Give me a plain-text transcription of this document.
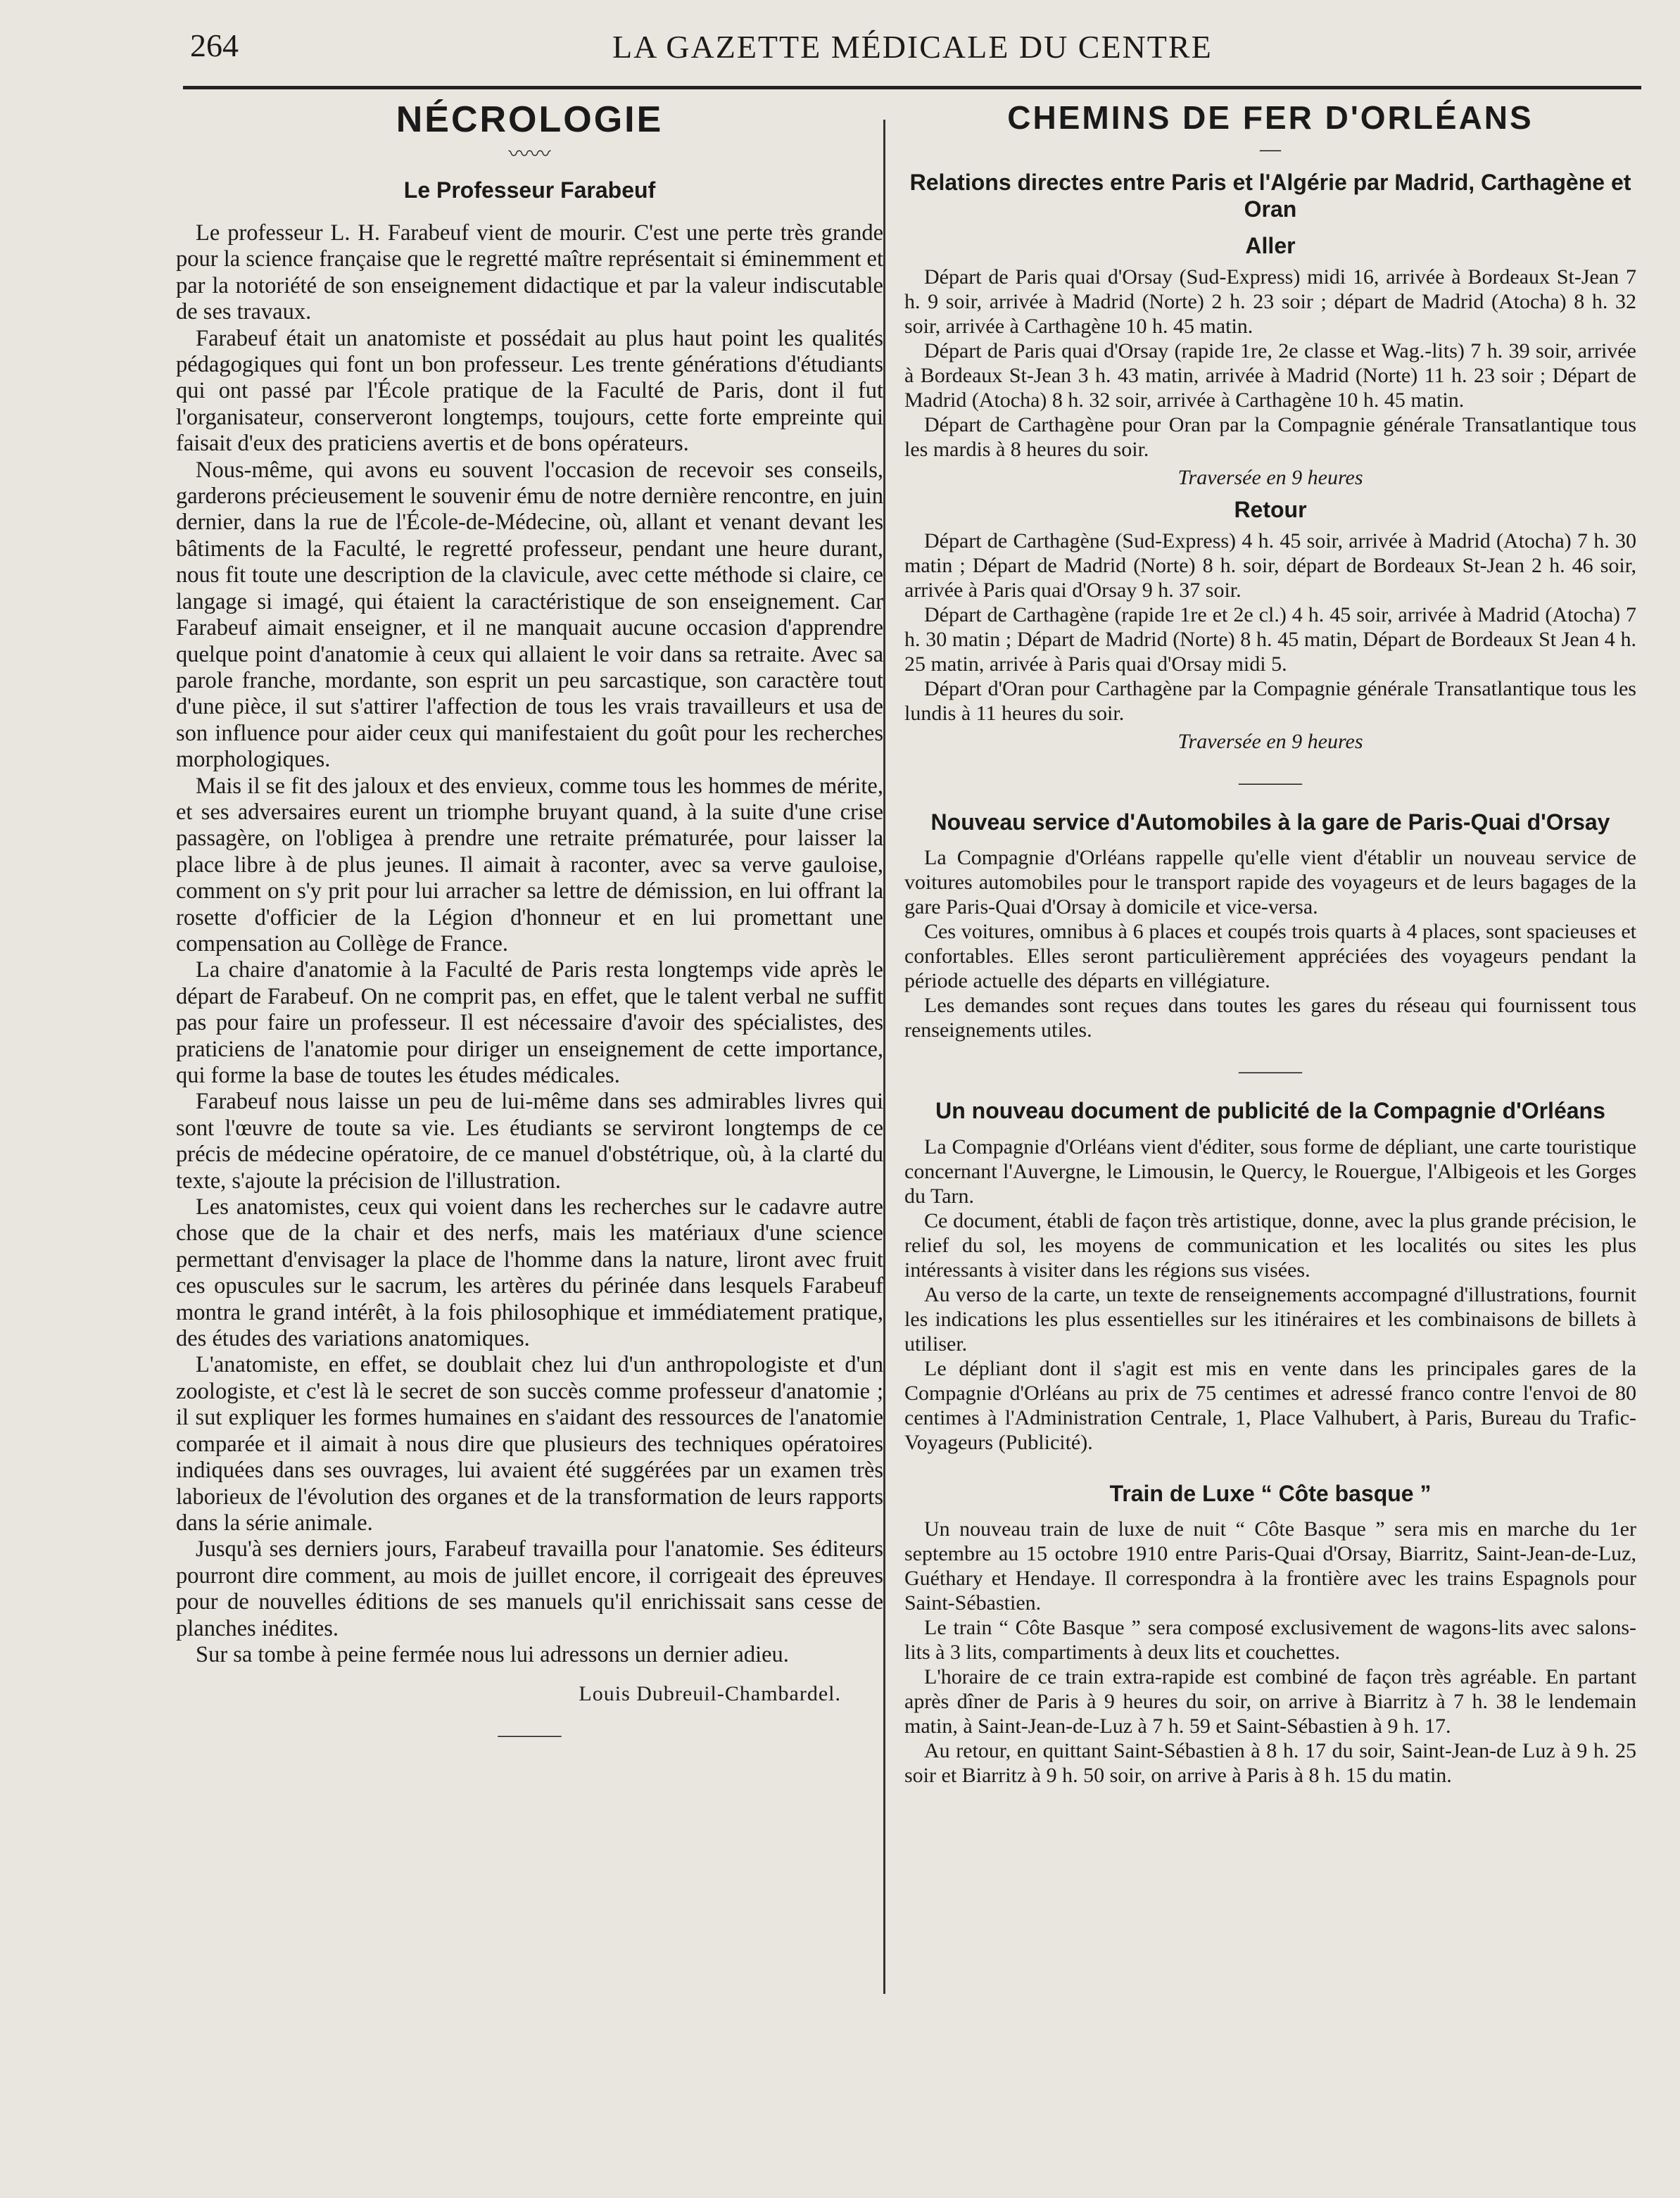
264	LA GAZETTE MÉDICALE DU CENTRE
NÉCROLOGIE
〰〰
Le Professeur Farabeuf

Le professeur L. H. Farabeuf vient de mourir. C'est une perte très grande pour la science française que le regretté maître représentait si éminemment et par la notoriété de son enseignement didactique et par la valeur indiscutable de ses travaux.

Farabeuf était un anatomiste et possédait au plus haut point les qualités pédagogiques qui font un bon professeur. Les trente générations d'étudiants qui ont passé par l'École pratique de la Faculté de Paris, dont il fut l'organisateur, conserveront longtemps, toujours, cette forte empreinte qui faisait d'eux des praticiens avertis et de bons opérateurs.

Nous-même, qui avons eu souvent l'occasion de recevoir ses conseils, garderons précieusement le souvenir ému de notre dernière rencontre, en juin dernier, dans la rue de l'École-de-Médecine, où, allant et venant devant les bâtiments de la Faculté, le regretté professeur, pendant une heure durant, nous fit toute une description de la clavicule, avec cette méthode si claire, ce langage si imagé, qui étaient la caractéristique de son enseignement. Car Farabeuf aimait enseigner, et il ne manquait aucune occasion d'apprendre quelque point d'anatomie à ceux qui allaient le voir dans sa retraite. Avec sa parole franche, mordante, son esprit un peu sarcastique, son caractère tout d'une pièce, il sut s'attirer l'affection de tous les vrais travailleurs et usa de son influence pour aider ceux qui manifestaient du goût pour les recherches morphologiques.

Mais il se fit des jaloux et des envieux, comme tous les hommes de mérite, et ses adversaires eurent un triomphe bruyant quand, à la suite d'une crise passagère, on l'obligea à prendre une retraite prématurée, pour laisser la place libre à de plus jeunes. Il aimait à raconter, avec sa verve gauloise, comment on s'y prit pour lui arracher sa lettre de démission, en lui offrant la rosette d'officier de la Légion d'honneur et en lui promettant une compensation au Collège de France.

La chaire d'anatomie à la Faculté de Paris resta longtemps vide après le départ de Farabeuf. On ne comprit pas, en effet, que le talent verbal ne suffit pas pour faire un professeur. Il est nécessaire d'avoir des spécialistes, des praticiens de l'anatomie pour diriger un enseignement de cette importance, qui forme la base de toutes les études médicales.

Farabeuf nous laisse un peu de lui-même dans ses admirables livres qui sont l'œuvre de toute sa vie. Les étudiants se serviront longtemps de ce précis de médecine opératoire, de ce manuel d'obstétrique, où, à la clarté du texte, s'ajoute la précision de l'illustration.

Les anatomistes, ceux qui voient dans les recherches sur le cadavre autre chose que de la chair et des nerfs, mais les matériaux d'une science permettant d'envisager la place de l'homme dans la nature, liront avec fruit ces opuscules sur le sacrum, les artères du périnée dans lesquels Farabeuf montra le grand intérêt, à la fois philosophique et immédiatement pratique, des études des variations anatomiques.

L'anatomiste, en effet, se doublait chez lui d'un anthropologiste et d'un zoologiste, et c'est là le secret de son succès comme professeur d'anatomie ; il sut expliquer les formes humaines en s'aidant des ressources de l'anatomie comparée et il aimait à nous dire que plusieurs des techniques opératoires indiquées dans ses ouvrages, lui avaient été suggérées par un examen très laborieux de l'évolution des organes et de la transformation de leurs rapports dans la série animale.

Jusqu'à ses derniers jours, Farabeuf travailla pour l'anatomie. Ses éditeurs pourront dire comment, au mois de juillet encore, il corrigeait des épreuves pour de nouvelles éditions de ses manuels qu'il enrichissait sans cesse de planches inédites.

Sur sa tombe à peine fermée nous lui adressons un dernier adieu.

Louis Dubreuil-Chambardel.
———
CHEMINS DE FER D'ORLÉANS
—
Relations directes entre Paris et l'Algérie par Madrid, Carthagène et Oran
Aller

Départ de Paris quai d'Orsay (Sud-Express) midi 16, arrivée à Bordeaux St-Jean 7 h. 9 soir, arrivée à Madrid (Norte) 2 h. 23 soir ; départ de Madrid (Atocha) 8 h. 32 soir, arrivée à Carthagène 10 h. 45 matin.

Départ de Paris quai d'Orsay (rapide 1re, 2e classe et Wag.-lits) 7 h. 39 soir, arrivée à Bordeaux St-Jean 3 h. 43 matin, arrivée à Madrid (Norte) 11 h. 23 soir ; Départ de Madrid (Atocha) 8 h. 32 soir, arrivée à Carthagène 10 h. 45 matin.

Départ de Carthagène pour Oran par la Compagnie générale Transatlantique tous les mardis à 8 heures du soir.

Traversée en 9 heures
Retour

Départ de Carthagène (Sud-Express) 4 h. 45 soir, arrivée à Madrid (Atocha) 7 h. 30 matin ; Départ de Madrid (Norte) 8 h. soir, départ de Bordeaux St-Jean 2 h. 46 soir, arrivée à Paris quai d'Orsay 9 h. 37 soir.

Départ de Carthagène (rapide 1re et 2e cl.) 4 h. 45 soir, arrivée à Madrid (Atocha) 7 h. 30 matin ; Départ de Madrid (Norte) 8 h. 45 matin, Départ de Bordeaux St Jean 4 h. 25 matin, arrivée à Paris quai d'Orsay midi 5.

Départ d'Oran pour Carthagène par la Compagnie générale Transatlantique tous les lundis à 11 heures du soir.

Traversée en 9 heures
———
Nouveau service d'Automobiles à la gare de Paris-Quai d'Orsay

La Compagnie d'Orléans rappelle qu'elle vient d'établir un nouveau service de voitures automobiles pour le transport rapide des voyageurs et de leurs bagages de la gare Paris-Quai d'Orsay à domicile et vice-versa.

Ces voitures, omnibus à 6 places et coupés trois quarts à 4 places, sont spacieuses et confortables. Elles seront particulièrement appréciées des voyageurs pendant la période actuelle des départs en villégiature.

Les demandes sont reçues dans toutes les gares du réseau qui fournissent tous renseignements utiles.

———
Un nouveau document de publicité de la Compagnie d'Orléans

La Compagnie d'Orléans vient d'éditer, sous forme de dépliant, une carte touristique concernant l'Auvergne, le Limousin, le Quercy, le Rouergue, l'Albigeois et les Gorges du Tarn.

Ce document, établi de façon très artistique, donne, avec la plus grande précision, le relief du sol, les moyens de communication et les localités ou sites les plus intéressants à visiter dans les régions sus visées.

Au verso de la carte, un texte de renseignements accompagné d'illustrations, fournit les indications les plus essentielles sur les itinéraires et les combinaisons de billets à utiliser.

Le dépliant dont il s'agit est mis en vente dans les principales gares de la Compagnie d'Orléans au prix de 75 centimes et adressé franco contre l'envoi de 80 centimes à l'Administration Centrale, 1, Place Valhubert, à Paris, Bureau du Trafic-Voyageurs (Publicité).

Train de Luxe “ Côte basque ”

Un nouveau train de luxe de nuit “ Côte Basque ” sera mis en marche du 1er septembre au 15 octobre 1910 entre Paris-Quai d'Orsay, Biarritz, Saint-Jean-de-Luz, Guéthary et Hendaye. Il correspondra à la frontière avec les trains Espagnols pour Saint-Sébastien.

Le train “ Côte Basque ” sera composé exclusivement de wagons-lits avec salons-lits à 3 lits, compartiments à deux lits et couchettes.

L'horaire de ce train extra-rapide est combiné de façon très agréable. En partant après dîner de Paris à 9 heures du soir, on arrive à Biarritz à 7 h. 38 le lendemain matin, à Saint-Jean-de-Luz à 7 h. 59 et Saint-Sébastien à 9 h. 17.

Au retour, en quittant Saint-Sébastien à 8 h. 17 du soir, Saint-Jean-de Luz à 9 h. 25 soir et Biarritz à 9 h. 50 soir, on arrive à Paris à 8 h. 15 du matin.
